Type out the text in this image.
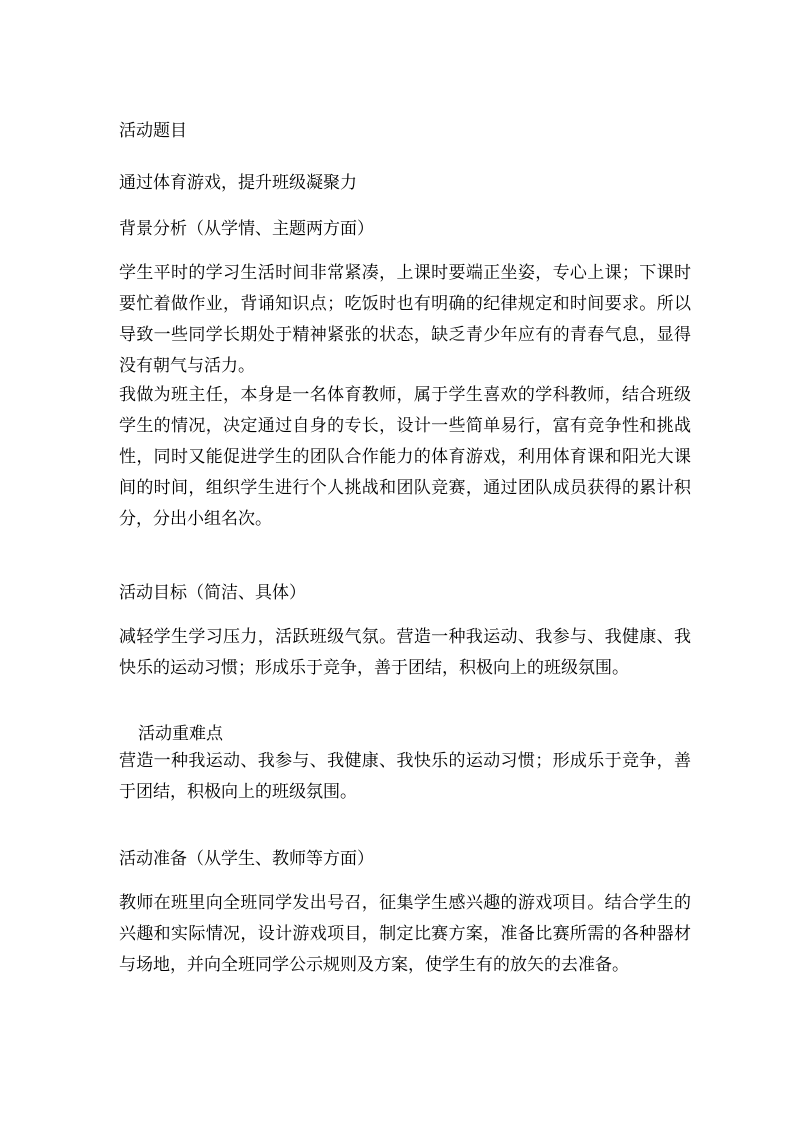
活动题目
通过体育游戏，提升班级凝聚力
背景分析（从学情、主题两方面）
学生平时的学习生活时间非常紧凑，上课时要端正坐姿，专心上课；下课时要忙着做作业，背诵知识点；吃饭时也有明确的纪律规定和时间要求。所以导致一些同学长期处于精神紧张的状态，缺乏青少年应有的青春气息，显得没有朝气与活力。
我做为班主任，本身是一名体育教师，属于学生喜欢的学科教师，结合班级学生的情况，决定通过自身的专长，设计一些简单易行，富有竞争性和挑战性，同时又能促进学生的团队合作能力的体育游戏，利用体育课和阳光大课间的时间，组织学生进行个人挑战和团队竞赛，通过团队成员获得的累计积分，分出小组名次。
活动目标（简洁、具体）
减轻学生学习压力，活跃班级气氛。营造一种我运动、我参与、我健康、我快乐的运动习惯；形成乐于竞争，善于团结，积极向上的班级氛围。
活动重难点
营造一种我运动、我参与、我健康、我快乐的运动习惯；形成乐于竞争，善于团结，积极向上的班级氛围。
活动准备（从学生、教师等方面）
教师在班里向全班同学发出号召，征集学生感兴趣的游戏项目。结合学生的兴趣和实际情况，设计游戏项目，制定比赛方案，准备比赛所需的各种器材与场地，并向全班同学公示规则及方案，使学生有的放矢的去准备。
